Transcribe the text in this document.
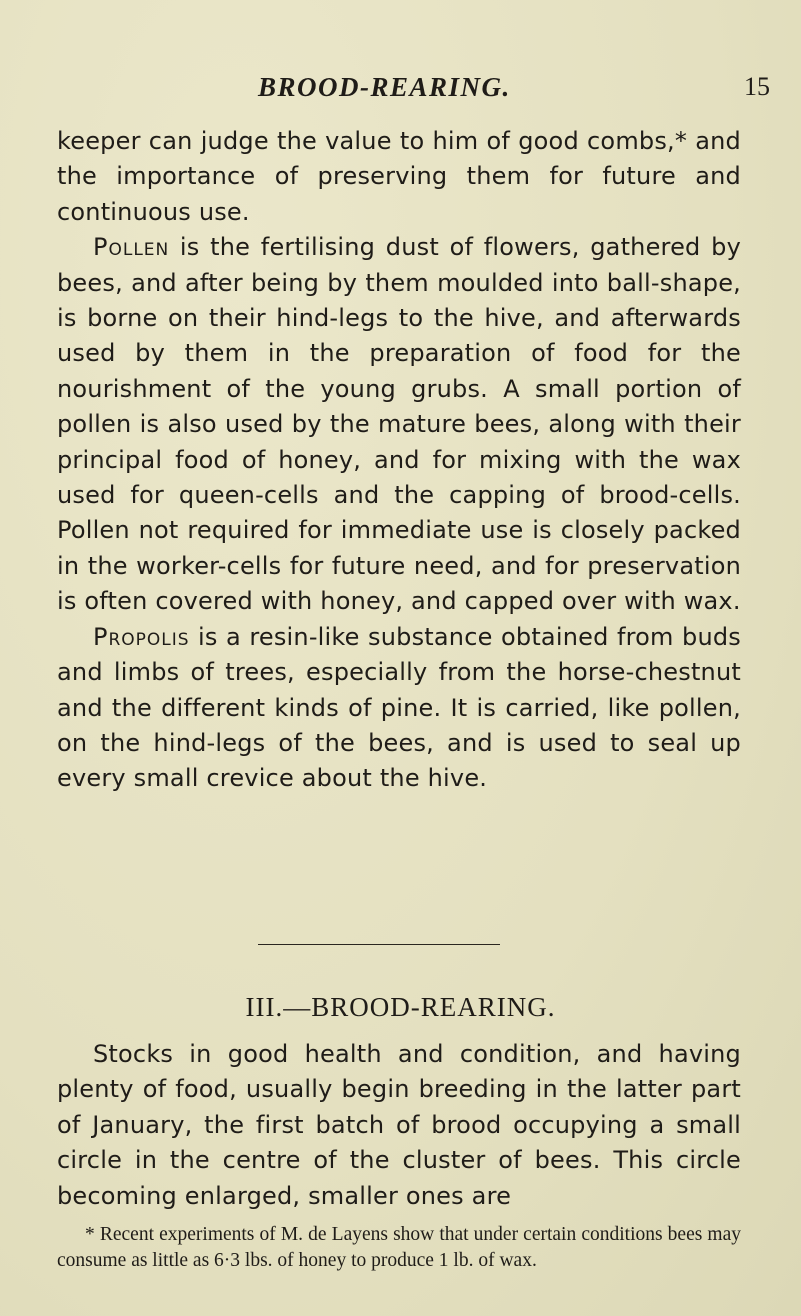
BROOD-REARING.	15

keeper can judge the value to him of good combs,* and the importance of preserving them for future and continuous use.

Pollen is the fertilising dust of flowers, gathered by bees, and after being by them moulded into ball-shape, is borne on their hind-legs to the hive, and afterwards used by them in the preparation of food for the nourishment of the young grubs. A small portion of pollen is also used by the mature bees, along with their principal food of honey, and for mixing with the wax used for queen-cells and the capping of brood-cells. Pollen not required for immediate use is closely packed in the worker-cells for future need, and for preservation is often covered with honey, and capped over with wax.

Propolis is a resin-like substance obtained from buds and limbs of trees, especially from the horse-chestnut and the different kinds of pine. It is carried, like pollen, on the hind-legs of the bees, and is used to seal up every small crevice about the hive.

III.—BROOD-REARING.

Stocks in good health and condition, and having plenty of food, usually begin breeding in the latter part of January, the first batch of brood occupying a small circle in the centre of the cluster of bees. This circle becoming enlarged, smaller ones are

* Recent experiments of M. de Layens show that under certain conditions bees may consume as little as 6·3 lbs. of honey to produce 1 lb. of wax.
